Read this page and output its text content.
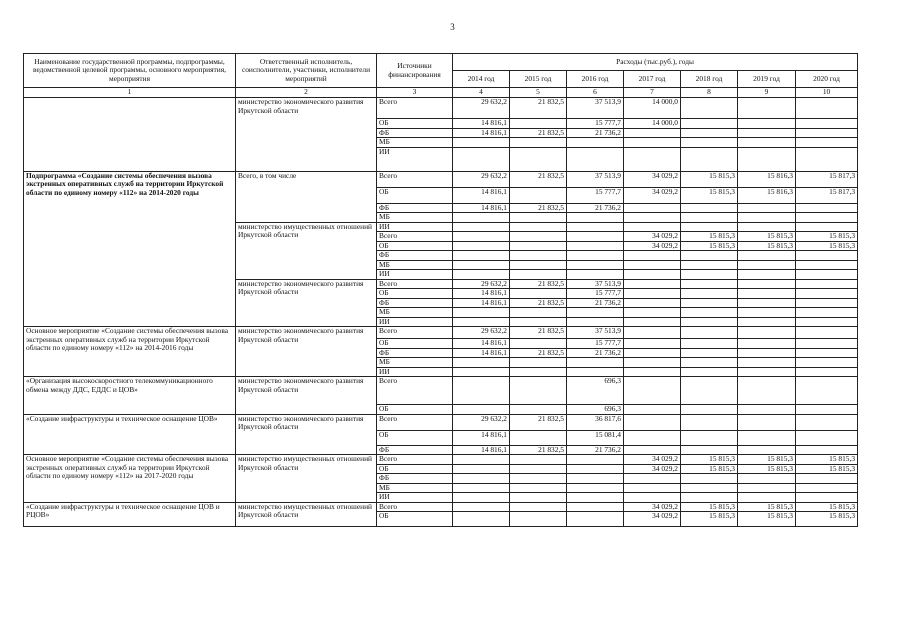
3
Наименование государственной программы, подпрограммы, ведомственной целевой программы, основного мероприятия, мероприятия	Ответственный исполнитель, соисполнители, участники, исполнители мероприятий	Источники финансирования	Расходы (тыс.руб.), годы						
			2014 год	2015 год	2016 год	2017 год	2018 год	2019 год	2020 год
1	2	3	4	5	6	7	8	9	10
	министерство экономического развития Иркутской области	Всего	29 632,2	21 832,5	37 513,9	14 000,0			
		ОБ	14 816,1		15 777,7	14 000,0			
		ФБ	14 816,1	21 832,5	21 736,2				
		МБ							
		ИИ							
Подпрограмма «Создание системы обеспечения вызова экстренных оперативных служб на территории Иркутской области по единому номеру «112» на 2014-2020 годы	Всего, в том числе	Всего	29 632,2	21 832,5	37 513,9	34 029,2	15 815,3	15 816,3	15 817,3
		ОБ	14 816,1		15 777,7	34 029,2	15 815,3	15 816,3	15 817,3
		ФБ	14 816,1	21 832,5	21 736,2				
		МБ							
	министерство имущественных отношений Иркутской области	ИИ							
		Всего				34 029,2	15 815,3	15 815,3	15 815,3
		ОБ				34 029,2	15 815,3	15 815,3	15 815,3
		ФБ							
		МБ							
		ИИ							
	министерство экономического развития Иркутской области	Всего	29 632,2	21 832,5	37 513,9				
		ОБ	14 816,1		15 777,7				
		ФБ	14 816,1	21 832,5	21 736,2				
		МБ							
		ИИ							
Основное мероприятие «Создание системы обеспечения вызова экстренных оперативных служб на территории Иркутской области по единому номеру «112» на 2014-2016 годы	министерство экономического развития Иркутской области	Всего	29 632,2	21 832,5	37 513,9				
		ОБ	14 816,1		15 777,7				
		ФБ	14 816,1	21 832,5	21 736,2				
		МБ							
		ИИ							
«Организация высокоскоростного телекоммуникационного обмена между ДДС, ЕДДС и ЦОВ»	министерство экономического развития Иркутской области	Всего			696,3				
		ОБ			696,3				
«Создание инфраструктуры и техническое оснащение ЦОВ»	министерство экономического развития Иркутской области	Всего	29 632,2	21 832,5	36 817,6				
		ОБ	14 816,1		15 081,4				
		ФБ	14 816,1	21 832,5	21 736,2				
Основное мероприятие «Создание системы обеспечения вызова экстренных оперативных служб на территории Иркутской области по единому номеру «112» на 2017-2020 годы	министерство имущественных отношений Иркутской области	Всего				34 029,2	15 815,3	15 815,3	15 815,3
		ОБ				34 029,2	15 815,3	15 815,3	15 815,3
		ФБ							
		МБ							
		ИИ							
«Создание инфраструктуры и техническое оснащение ЦОВ и РЦОВ»	министерство имущественных отношений Иркутской области	Всего				34 029,2	15 815,3	15 815,3	15 815,3
		ОБ				34 029,2	15 815,3	15 815,3	15 815,3
